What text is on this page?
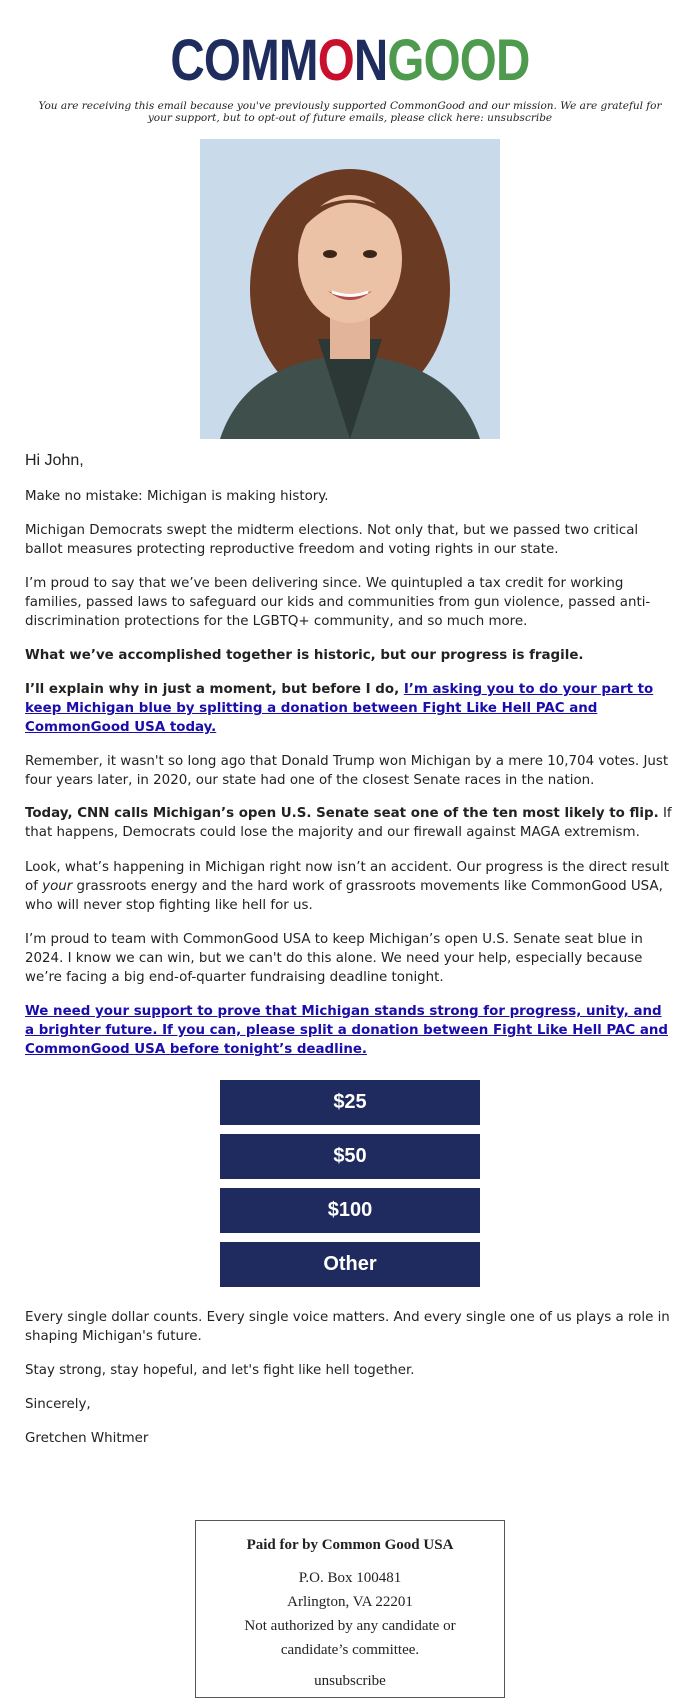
COMMONGOOD
You are receiving this email because you've previously supported CommonGood and our mission. We are grateful for your support, but to opt-out of future emails, please click here: unsubscribe
Hi John,

Make no mistake: Michigan is making history.

Michigan Democrats swept the midterm elections. Not only that, but we passed two critical ballot measures protecting reproductive freedom and voting rights in our state.

I’m proud to say that we’ve been delivering since. We quintupled a tax credit for working families, passed laws to safeguard our kids and communities from gun violence, passed anti-discrimination protections for the LGBTQ+ community, and so much more.

What we’ve accomplished together is historic, but our progress is fragile.

I’ll explain why in just a moment, but before I do, I’m asking you to do your part to keep Michigan blue by splitting a donation between Fight Like Hell PAC and CommonGood USA today.

Remember, it wasn't so long ago that Donald Trump won Michigan by a mere 10,704 votes. Just four years later, in 2020, our state had one of the closest Senate races in the nation.

Today, CNN calls Michigan’s open U.S. Senate seat one of the ten most likely to flip. If that happens, Democrats could lose the majority and our firewall against MAGA extremism.

Look, what’s happening in Michigan right now isn’t an accident. Our progress is the direct result of your grassroots energy and the hard work of grassroots movements like CommonGood USA, who will never stop fighting like hell for us.

I’m proud to team with CommonGood USA to keep Michigan’s open U.S. Senate seat blue in 2024. I know we can win, but we can't do this alone. We need your help, especially because we’re facing a big end-of-quarter fundraising deadline tonight.

We need your support to prove that Michigan stands strong for progress, unity, and a brighter future. If you can, please split a donation between Fight Like Hell PAC and CommonGood USA before tonight’s deadline.

$25
$50
$100
Other

Every single dollar counts. Every single voice matters. And every single one of us plays a role in shaping Michigan's future.

Stay strong, stay hopeful, and let's fight like hell together.

Sincerely,

Gretchen Whitmer

Paid for by Common Good USA
P.O. Box 100481
Arlington, VA 22201
Not authorized by any candidate or
candidate’s committee.
unsubscribe
